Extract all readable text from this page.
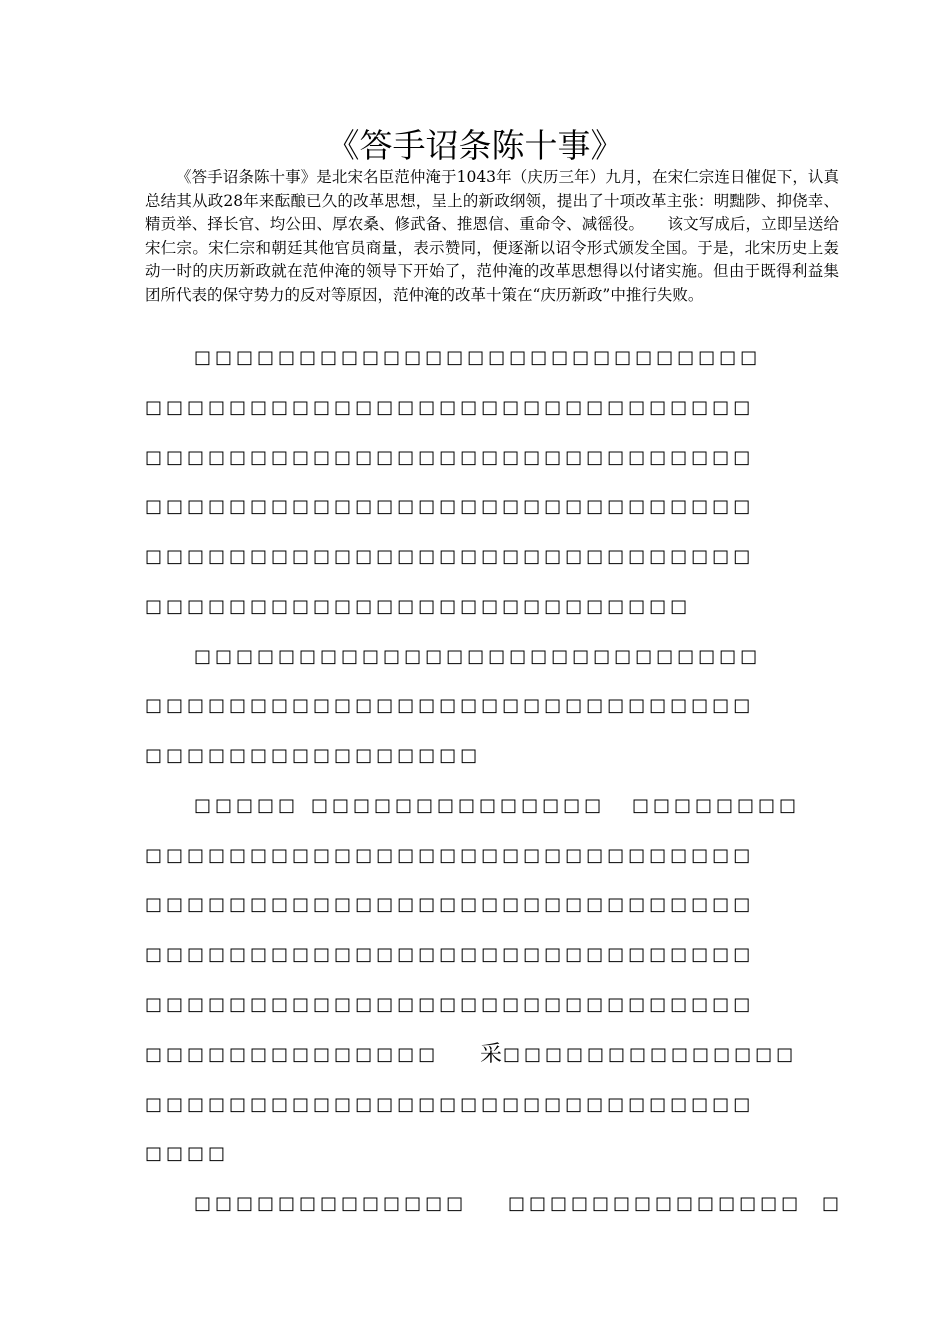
《答手诏条陈十事》

《答手诏条陈十事》是北宋名臣范仲淹于1043年（庆历三年）九月，在宋仁宗连日催促下，认真总结其从政28年来酝酿已久的改革思想，呈上的新政纲领，提出了十项改革主张：明黜陟、抑侥幸、精贡举、择长官、均公田、厚农桑、修武备、推恩信、重命令、减徭役。　　该文写成后，立即呈送给宋仁宗。宋仁宗和朝廷其他官员商量，表示赞同，便逐渐以诏令形式颁发全国。于是，北宋历史上轰动一时的庆历新政就在范仲淹的领导下开始了，范仲淹的改革思想得以付诸实施。但由于既得利益集团所代表的保守势力的反对等原因，范仲淹的改革十策在“庆历新政”中推行失败。

□□□□□□□□□□□□□□□□□□□□□□□□□□□
□□□□□□□□□□□□□□□□□□□□□□□□□□□□□
□□□□□□□□□□□□□□□□□□□□□□□□□□□□□
□□□□□□□□□□□□□□□□□□□□□□□□□□□□□
□□□□□□□□□□□□□□□□□□□□□□□□□□□□□
□□□□□□□□□□□□□□□□□□□□□□□□□□
□□□□□□□□□□□□□□□□□□□□□□□□□□□
□□□□□□□□□□□□□□□□□□□□□□□□□□□□□
□□□□□□□□□□□□□□□□
□□□□□ □□□□□□□□□□□□□□ □□□□□□□□
□□□□□□□□□□□□□□□□□□□□□□□□□□□□□
□□□□□□□□□□□□□□□□□□□□□□□□□□□□□
□□□□□□□□□□□□□□□□□□□□□□□□□□□□□
□□□□□□□□□□□□□□□□□□□□□□□□□□□□□
□□□□□□□□□□□□□□ 采 □□□□□□□□□□□□□□
□□□□□□□□□□□□□□□□□□□□□□□□□□□□□
□□□□
□□□□□□□□□□□□□ □□□□□□□□□□□□□□ □
